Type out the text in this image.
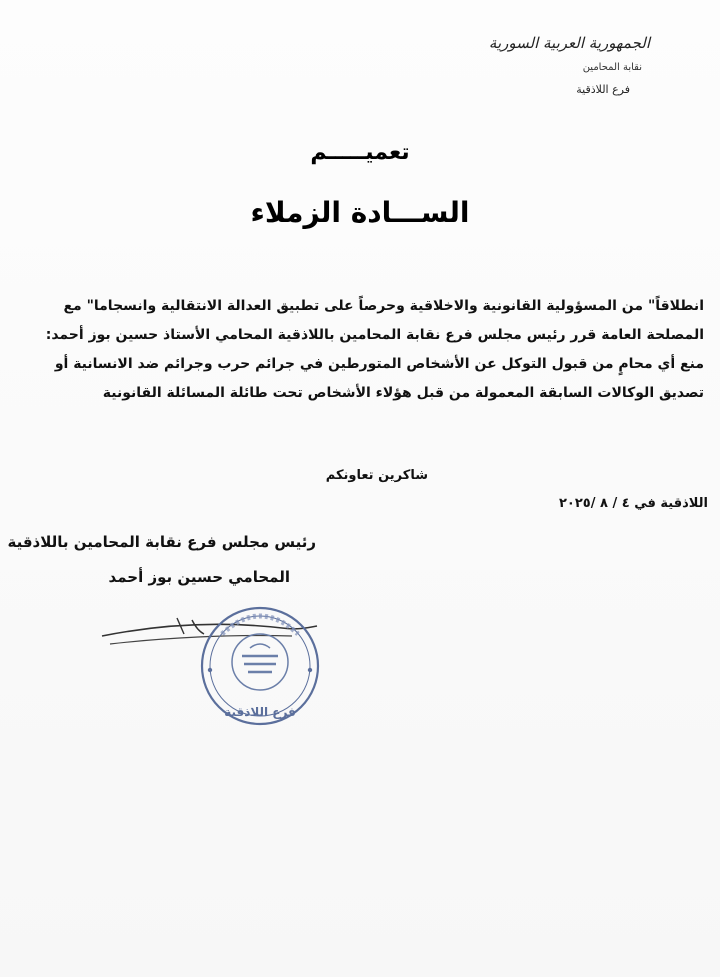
الجمهورية العربية السورية
نقابة المحامين
فرع اللاذقية
تعميـــــم
الســـادة الزملاء
انطلاقاً" من المسؤولية القانونية والاخلاقية وحرصاً على تطبيق العدالة الانتقالية وانسجاما" مع
المصلحة العامة قرر رئيس مجلس فرع نقابة المحامين باللاذقية المحامي الأستاذ حسين بوز أحمد:
منع أي محامٍ من قبول التوكل عن الأشخاص المتورطين في جرائم حرب وجرائم ضد الانسانية أو
تصديق الوكالات السابقة المعمولة من قبل هؤلاء الأشخاص تحت طائلة المسائلة القانونية
شاكرين تعاونكم
اللاذقية في ٤ / ٨ /٢٠٢٥
رئيس مجلس فرع نقابة المحامين باللاذقية
المحامي حسين بوز أحمد
فرع اللاذقية
